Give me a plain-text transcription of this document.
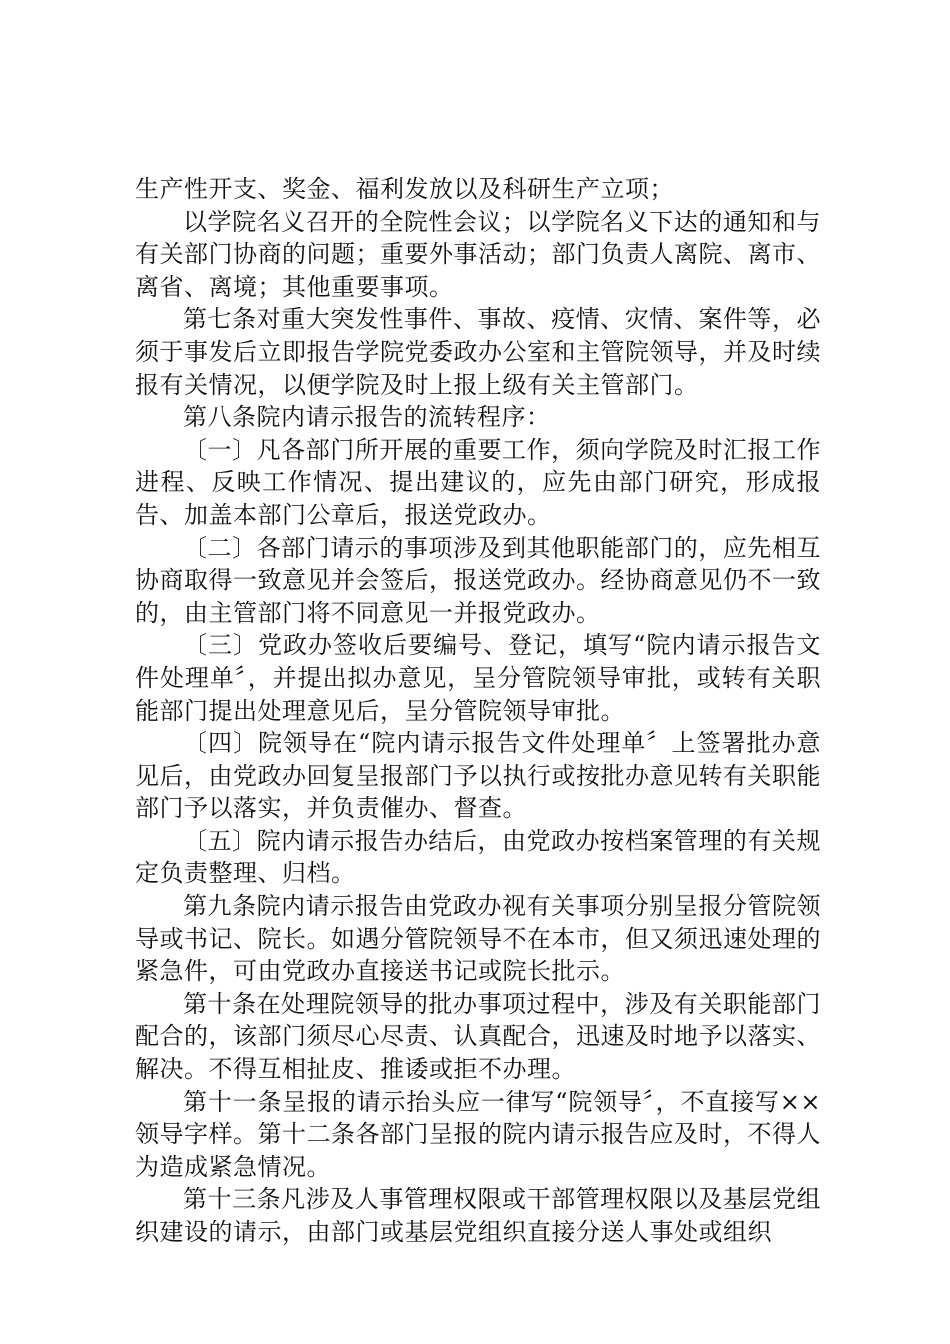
生产性开支、奖金、福利发放以及科研生产立项；

以学院名义召开的全院性会议；以学院名义下达的通知和与有关部门协商的问题；重要外事活动；部门负责人离院、离市、离省、离境；其他重要事项。

第七条对重大突发性事件、事故、疫情、灾情、案件等，必须于事发后立即报告学院党委政办公室和主管院领导，并及时续报有关情况，以便学院及时上报上级有关主管部门。

第八条院内请示报告的流转程序：

〔一〕凡各部门所开展的重要工作，须向学院及时汇报工作进程、反映工作情况、提出建议的，应先由部门研究，形成报告、加盖本部门公章后，报送党政办。

〔二〕各部门请示的事项涉及到其他职能部门的，应先相互协商取得一致意见并会签后，报送党政办。经协商意见仍不一致的，由主管部门将不同意见一并报党政办。

〔三〕党政办签收后要编号、登记，填写“院内请示报告文件处理单〞，并提出拟办意见，呈分管院领导审批，或转有关职能部门提出处理意见后，呈分管院领导审批。

〔四〕院领导在“院内请示报告文件处理单〞上签署批办意见后，由党政办回复呈报部门予以执行或按批办意见转有关职能部门予以落实，并负责催办、督查。

〔五〕院内请示报告办结后，由党政办按档案管理的有关规定负责整理、归档。

第九条院内请示报告由党政办视有关事项分别呈报分管院领导或书记、院长。如遇分管院领导不在本市，但又须迅速处理的紧急件，可由党政办直接送书记或院长批示。

第十条在处理院领导的批办事项过程中，涉及有关职能部门配合的，该部门须尽心尽责、认真配合，迅速及时地予以落实、解决。不得互相扯皮、推诿或拒不办理。

第十一条呈报的请示抬头应一律写“院领导〞，不直接写××领导字样。第十二条各部门呈报的院内请示报告应及时，不得人为造成紧急情况。

第十三条凡涉及人事管理权限或干部管理权限以及基层党组织建设的请示，由部门或基层党组织直接分送人事处或组织
